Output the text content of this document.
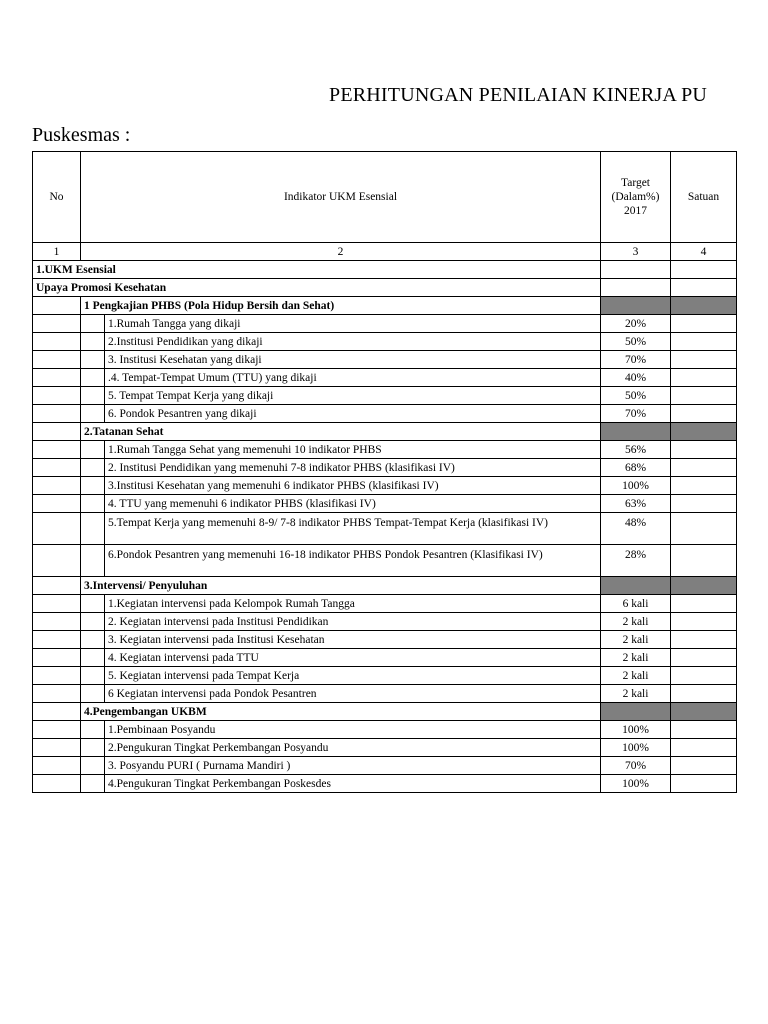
PERHITUNGAN PENILAIAN KINERJA PU
Puskesmas :
No	Indikator UKM Esensial		Target
(Dalam%)
2017	Satuan
1	2		3	4
1.UKM Esensial				
Upaya Promosi Kesehatan				
	1 Pengkajian PHBS (Pola Hidup Bersih dan Sehat)			
		1.Rumah Tangga yang dikaji	20%	
		2.Institusi Pendidikan yang dikaji	50%	
		3. Institusi Kesehatan yang dikaji	70%	
		.4. Tempat-Tempat Umum (TTU) yang dikaji	40%	
		5. Tempat Tempat Kerja yang dikaji	50%	
		6. Pondok Pesantren yang dikaji	70%	
	2.Tatanan Sehat			
		1.Rumah Tangga Sehat yang memenuhi 10 indikator PHBS	56%	
		2. Institusi Pendidikan yang memenuhi 7-8 indikator PHBS (klasifikasi IV)	68%	
		3.Institusi Kesehatan yang memenuhi 6 indikator PHBS (klasifikasi IV)	100%	
		4. TTU yang memenuhi 6 indikator PHBS (klasifikasi IV)	63%	
		5.Tempat Kerja yang memenuhi 8-9/ 7-8 indikator PHBS Tempat-Tempat Kerja (klasifikasi IV)	48%	
		6.Pondok Pesantren yang memenuhi 16-18 indikator PHBS Pondok Pesantren (Klasifikasi IV)	28%	
	3.Intervensi/ Penyuluhan			
		1.Kegiatan intervensi pada Kelompok Rumah Tangga	6 kali	
		2. Kegiatan intervensi pada Institusi Pendidikan	2 kali	
		3. Kegiatan intervensi pada Institusi Kesehatan	2 kali	
		4. Kegiatan intervensi pada TTU	2 kali	
		5. Kegiatan intervensi pada Tempat Kerja	2 kali	
		6 Kegiatan intervensi pada Pondok Pesantren	2 kali	
	4.Pengembangan UKBM			
		1.Pembinaan Posyandu	100%	
		2.Pengukuran Tingkat Perkembangan Posyandu	100%	
		3. Posyandu PURI ( Purnama Mandiri )	70%	
		4.Pengukuran Tingkat Perkembangan Poskesdes	100%	
